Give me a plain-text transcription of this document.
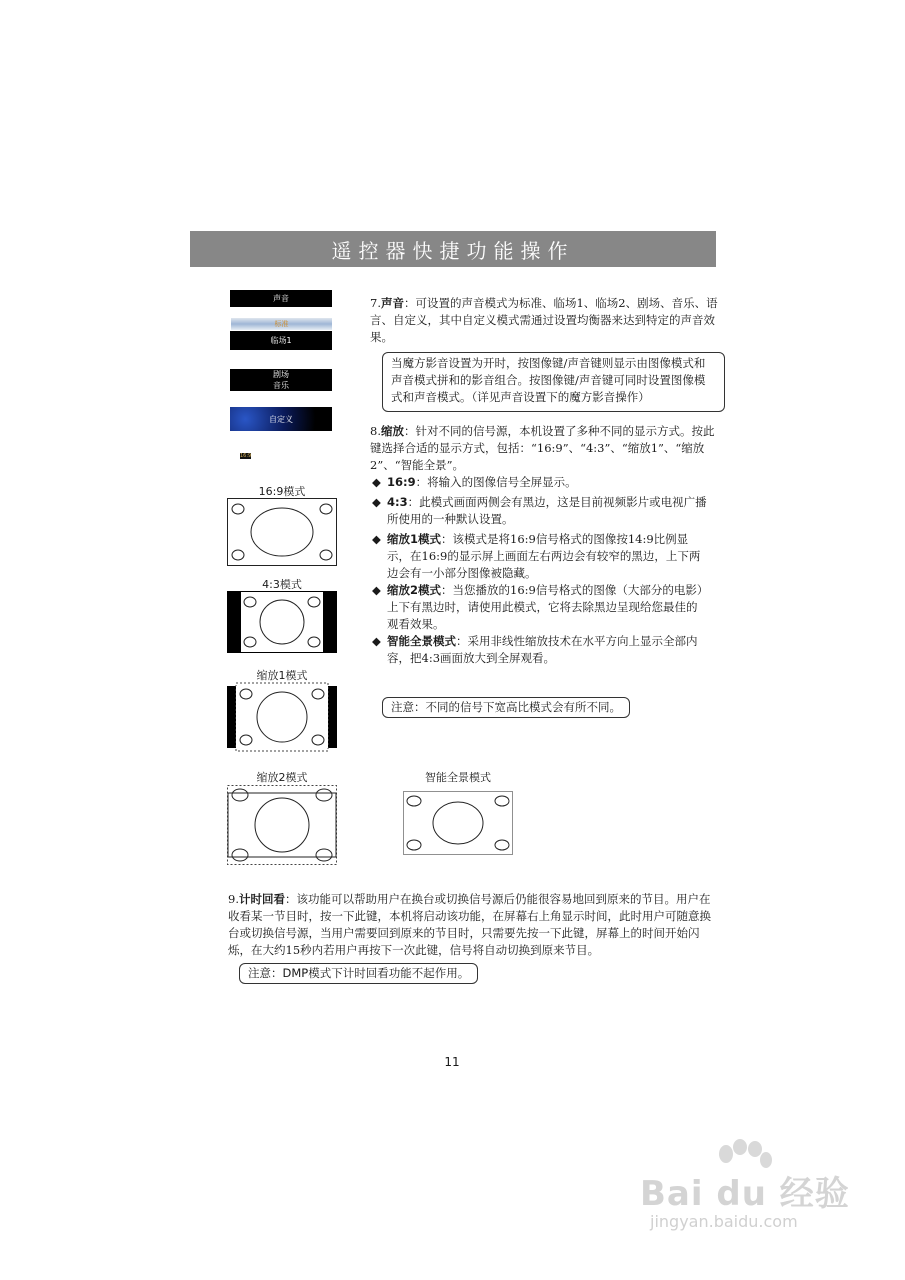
遥控器快捷功能操作
声音
标准
临场1
剧场
音乐
自定义
16:9
7.声音：可设置的声音模式为标准、临场1、临场2、剧场、音乐、语言、自定义，其中自定义模式需通过设置均衡器来达到特定的声音效果。
当魔方影音设置为开时，按图像键/声音键则显示由图像模式和声音模式拼和的影音组合。按图像键/声音键可同时设置图像模式和声音模式。（详见声音设置下的魔方影音操作）
8.缩放：针对不同的信号源，本机设置了多种不同的显示方式。按此键选择合适的显示方式，包括：“16:9”、“4:3”、“缩放1”、“缩放2”、“智能全景”。
◆ 16:9：将输入的图像信号全屏显示。
◆ 4:3：此模式画面两侧会有黑边，这是目前视频影片或电视广播所使用的一种默认设置。
◆ 缩放1模式：该模式是将16:9信号格式的图像按14:9比例显示，在16:9的显示屏上画面左右两边会有较窄的黑边，上下两边会有一小部分图像被隐藏。
◆ 缩放2模式：当您播放的16:9信号格式的图像（大部分的电影）上下有黑边时，请使用此模式，它将去除黑边呈现给您最佳的观看效果。
◆ 智能全景模式：采用非线性缩放技术在水平方向上显示全部内容，把4:3画面放大到全屏观看。
注意：不同的信号下宽高比模式会有所不同。
16:9模式
4:3模式
缩放1模式
缩放2模式	智能全景模式
9.计时回看：该功能可以帮助用户在换台或切换信号源后仍能很容易地回到原来的节目。用户在收看某一节目时，按一下此键，本机将启动该功能，在屏幕右上角显示时间，此时用户可随意换台或切换信号源，当用户需要回到原来的节目时，只需要先按一下此键，屏幕上的时间开始闪烁，在大约15秒内若用户再按下一次此键，信号将自动切换到原来节目。
注意：DMP模式下计时回看功能不起作用。
11
Bai du 经验
jingyan.baidu.com
